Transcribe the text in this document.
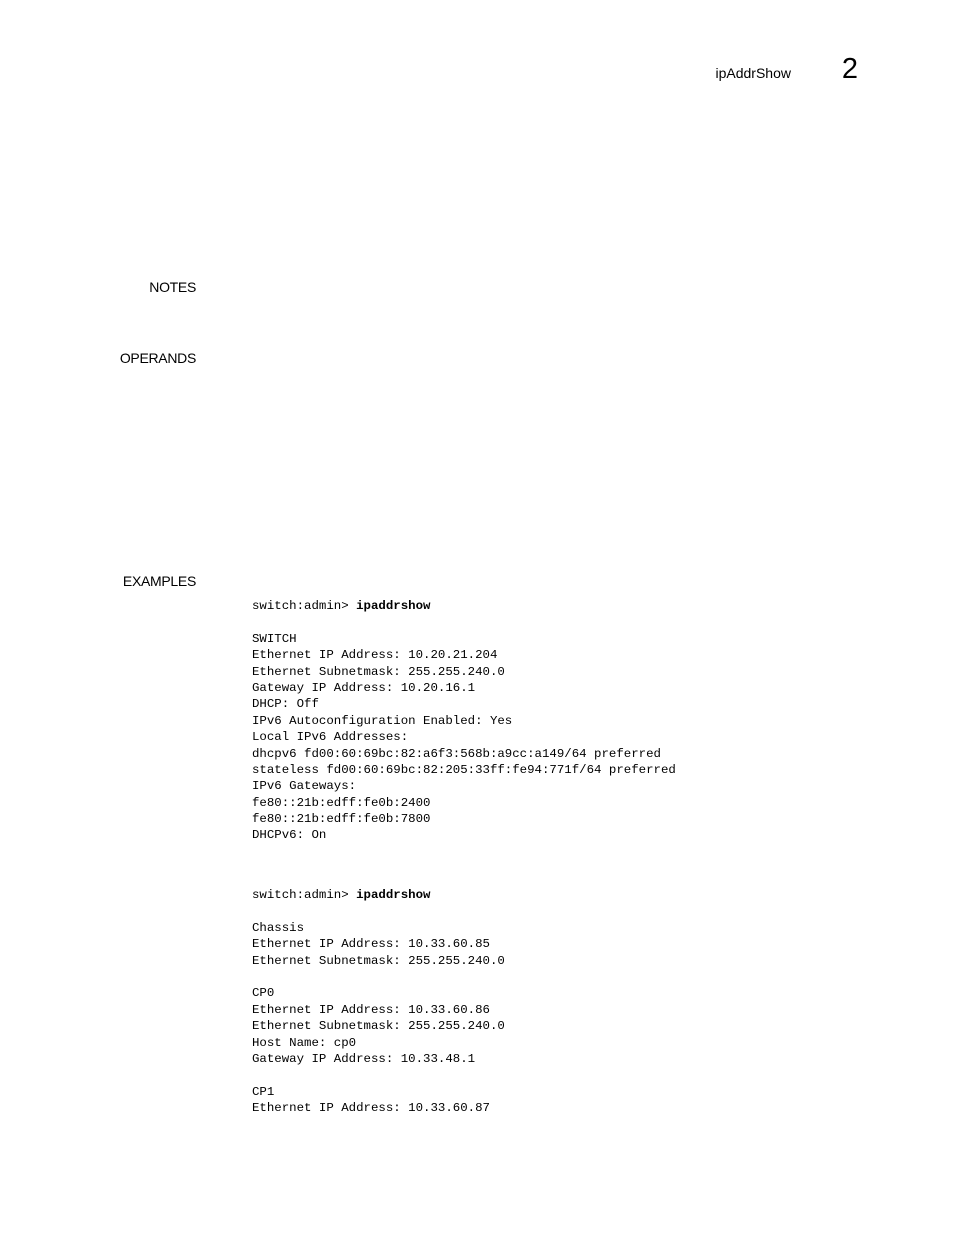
ipAddrShow	2
NOTES
OPERANDS
EXAMPLES
switch:admin> ipaddrshow
SWITCH
Ethernet IP Address: 10.20.21.204
Ethernet Subnetmask: 255.255.240.0
Gateway IP Address: 10.20.16.1
DHCP: Off
IPv6 Autoconfiguration Enabled: Yes
Local IPv6 Addresses:
dhcpv6 fd00:60:69bc:82:a6f3:568b:a9cc:a149/64 preferred
stateless fd00:60:69bc:82:205:33ff:fe94:771f/64 preferred
IPv6 Gateways:
fe80::21b:edff:fe0b:2400
fe80::21b:edff:fe0b:7800
DHCPv6: On
switch:admin> ipaddrshow
Chassis
Ethernet IP Address: 10.33.60.85
Ethernet Subnetmask: 255.255.240.0
CP0
Ethernet IP Address: 10.33.60.86
Ethernet Subnetmask: 255.255.240.0
Host Name: cp0
Gateway IP Address: 10.33.48.1
CP1
Ethernet IP Address: 10.33.60.87
